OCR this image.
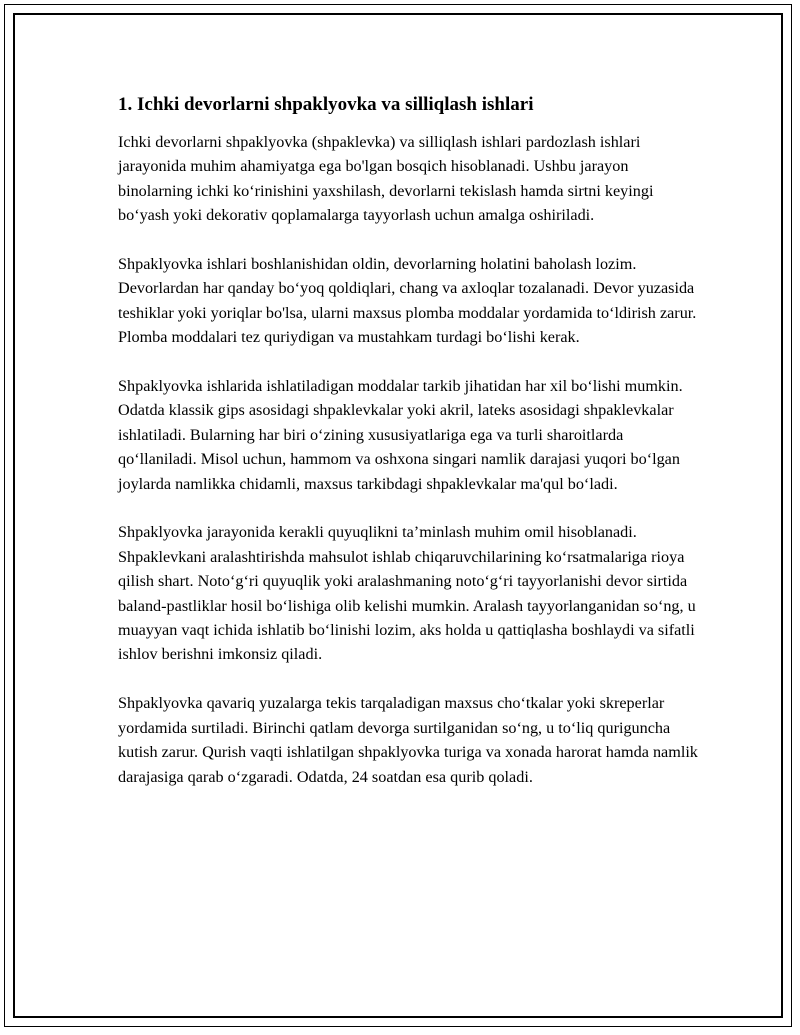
1. Ichki devorlarni shpaklyovka va silliqlash ishlari

Ichki devorlarni shpaklyovka (shpaklevka) va silliqlash ishlari pardozlash ishlari jarayonida muhim ahamiyatga ega bo'lgan bosqich hisoblanadi. Ushbu jarayon binolarning ichki ko‘rinishini yaxshilash, devorlarni tekislash hamda sirtni keyingi bo‘yash yoki dekorativ qoplamalarga tayyorlash uchun amalga oshiriladi.

Shpaklyovka ishlari boshlanishidan oldin, devorlarning holatini baholash lozim. Devorlardan har qanday bo‘yoq qoldiqlari, chang va axloqlar tozalanadi. Devor yuzasida teshiklar yoki yoriqlar bo'lsa, ularni maxsus plomba moddalar yordamida to‘ldirish zarur. Plomba moddalari tez quriydigan va mustahkam turdagi bo‘lishi kerak.

Shpaklyovka ishlarida ishlatiladigan moddalar tarkib jihatidan har xil bo‘lishi mumkin. Odatda klassik gips asosidagi shpaklevkalar yoki akril, lateks asosidagi shpaklevkalar ishlatiladi. Bularning har biri o‘zining xususiyatlariga ega va turli sharoitlarda qo‘llaniladi. Misol uchun, hammom va oshxona singari namlik darajasi yuqori bo‘lgan joylarda namlikka chidamli, maxsus tarkibdagi shpaklevkalar ma'qul bo‘ladi.

Shpaklyovka jarayonida kerakli quyuqlikni ta’minlash muhim omil hisoblanadi. Shpaklevkani aralashtirishda mahsulot ishlab chiqaruvchilarining ko‘rsatmalariga rioya qilish shart. Noto‘g‘ri quyuqlik yoki aralashmaning noto‘g‘ri tayyorlanishi devor sirtida baland-pastliklar hosil bo‘lishiga olib kelishi mumkin. Aralash tayyorlanganidan so‘ng, u muayyan vaqt ichida ishlatib bo‘linishi lozim, aks holda u qattiqlasha boshlaydi va sifatli ishlov berishni imkonsiz qiladi.

Shpaklyovka qavariq yuzalarga tekis tarqaladigan maxsus cho‘tkalar yoki skreperlar yordamida surtiladi. Birinchi qatlam devorga surtilganidan so‘ng, u to‘liq qurigunchа kutish zarur. Qurish vaqti ishlatilgan shpaklyovka turiga va xonada harorat hamda namlik darajasiga qarab o‘zgaradi. Odatda, 24 soatdan esa qurib qoladi.
